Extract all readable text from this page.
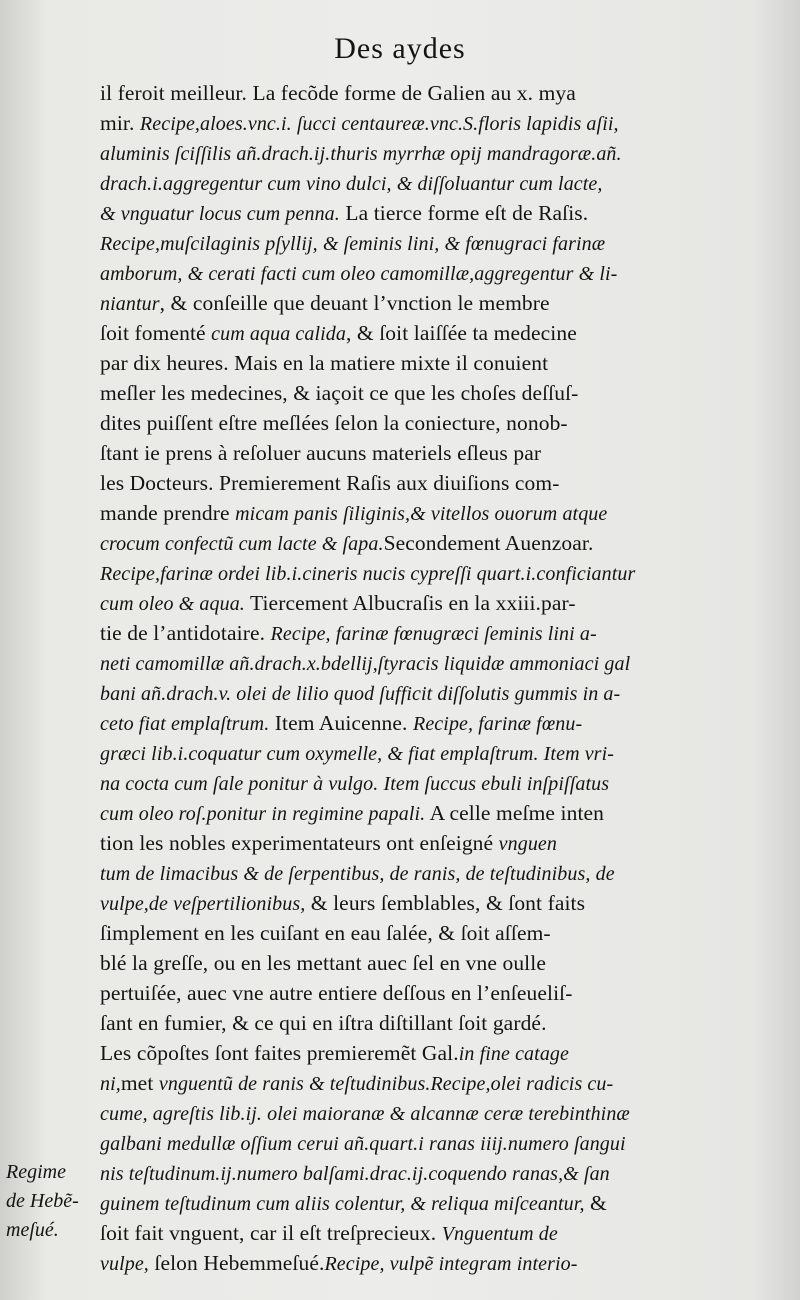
Des aydes
il feroit meilleur. La fecõde forme de Galien au x. mya
mir. Recipe,aloes.vnc.i. ſucci centaureæ.vnc.S.floris lapidis aſii,
aluminis ſciſſilis añ.drach.ij.thuris myrrhæ opij mandragoræ.añ.
drach.i.aggregentur cum vino dulci, & diſſoluantur cum lacte,
& vnguatur locus cum penna. La tierce forme eſt de Raſis.
Recipe,muſcilaginis pſyllij, & ſeminis lini, & fœnugraci farinæ
amborum, & cerati facti cum oleo camomillæ,aggregentur & li-
niantur, & conſeille que deuant l’vnction le membre
ſoit fomenté cum aqua calida, & ſoit laiſſée ta medecine
par dix heures. Mais en la matiere mixte il conuient
meſler les medecines, & iaçoit ce que les choſes deſſuſ-
dites puiſſent eſtre meſlées ſelon la coniecture, nonob-
ſtant ie prens à reſoluer aucuns materiels eſleus par
les Docteurs. Premierement Raſis aux diuiſions com-
mande prendre micam panis ſiliginis,& vitellos ouorum atque
crocum confectũ cum lacte & ſapa.Secondement Auenzoar.
Recipe,farinæ ordei lib.i.cineris nucis cypreſſi quart.i.conficiantur
cum oleo & aqua. Tiercement Albucraſis en la xxiii.par-
tie de l’antidotaire. Recipe, farinæ fœnugræci ſeminis lini a-
neti camomillæ añ.drach.x.bdellij,ſtyracis liquidæ ammoniaci gal
bani añ.drach.v. olei de lilio quod ſufficit diſſolutis gummis in a-
ceto fiat emplaſtrum. Item Auicenne. Recipe, farinæ fœnu-
græci lib.i.coquatur cum oxymelle, & fiat emplaſtrum. Item vri-
na cocta cum ſale ponitur à vulgo. Item ſuccus ebuli inſpiſſatus
cum oleo roſ.ponitur in regimine papali. A celle meſme inten
tion les nobles experimentateurs ont enſeigné vnguen
tum de limacibus & de ſerpentibus, de ranis, de teſtudinibus, de
vulpe,de veſpertilionibus, & leurs ſemblables, & ſont faits
ſimplement en les cuiſant en eau ſalée, & ſoit aſſem-
blé la greſſe, ou en les mettant auec ſel en vne oulle
pertuiſée, auec vne autre entiere deſſous en l’enſeueliſ-
ſant en fumier, & ce qui en iſtra diſtillant ſoit gardé.
Les cõpoſtes ſont faites premieremẽt Gal.in fine catage
ni,met vnguentũ de ranis & teſtudinibus.Recipe,olei radicis cu-
cume, agreſtis lib.ij. olei maioranæ & alcannæ ceræ terebinthinæ
galbani medullæ oſſium cerui añ.quart.i ranas iiij.numero ſangui
nis teſtudinum.ij.numero balſami.drac.ij.coquendo ranas,& ſan
guinem teſtudinum cum aliis colentur, & reliqua miſceantur, &
ſoit fait vnguent, car il eſt treſprecieux. Vnguentum de
vulpe, ſelon Hebemmeſué.Recipe, vulpẽ integram interio-
Regime
de Hebẽ-
meſué.
